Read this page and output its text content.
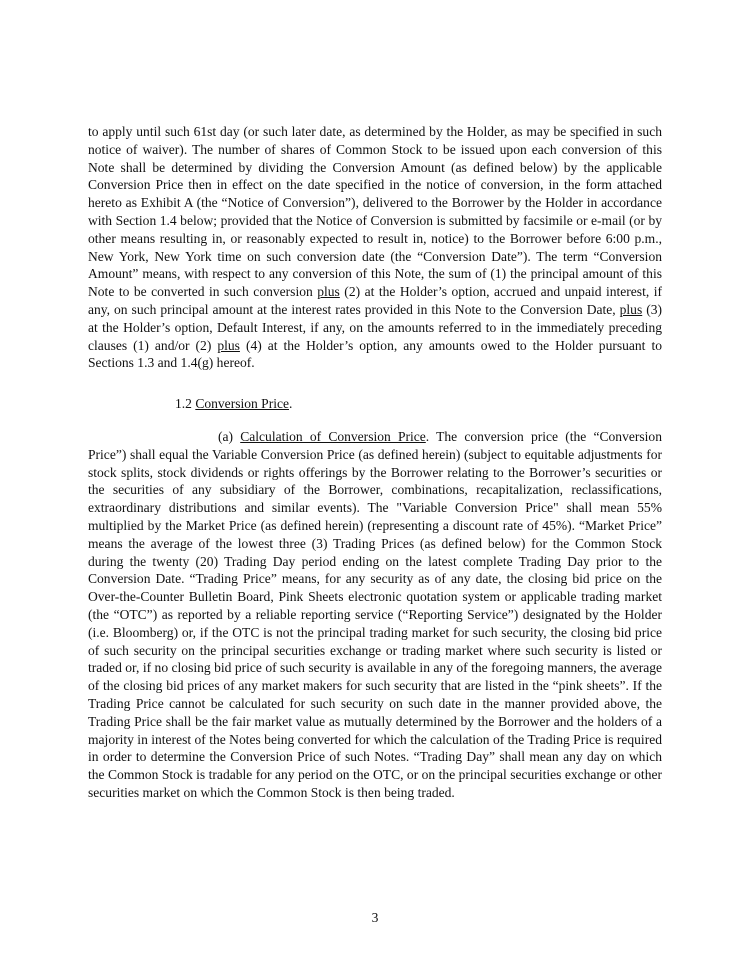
to apply until such 61st day (or such later date, as determined by the Holder, as may be specified in such notice of waiver). The number of shares of Common Stock to be issued upon each conversion of this Note shall be determined by dividing the Conversion Amount (as defined below) by the applicable Conversion Price then in effect on the date specified in the notice of conversion, in the form attached hereto as Exhibit A (the “Notice of Conversion”), delivered to the Borrower by the Holder in accordance with Section 1.4 below; provided that the Notice of Conversion is submitted by facsimile or e-mail (or by other means resulting in, or reasonably expected to result in, notice) to the Borrower before 6:00 p.m., New York, New York time on such conversion date (the “Conversion Date”). The term “Conversion Amount” means, with respect to any conversion of this Note, the sum of (1) the principal amount of this Note to be converted in such conversion plus (2) at the Holder’s option, accrued and unpaid interest, if any, on such principal amount at the interest rates provided in this Note to the Conversion Date, plus (3) at the Holder’s option, Default Interest, if any, on the amounts referred to in the immediately preceding clauses (1) and/or (2) plus (4) at the Holder’s option, any amounts owed to the Holder pursuant to Sections 1.3 and 1.4(g) hereof.

1.2 Conversion Price.

(a) Calculation of Conversion Price. The conversion price (the “Conversion Price”) shall equal the Variable Conversion Price (as defined herein) (subject to equitable adjustments for stock splits, stock dividends or rights offerings by the Borrower relating to the Borrower’s securities or the securities of any subsidiary of the Borrower, combinations, recapitalization, reclassifications, extraordinary distributions and similar events). The "Variable Conversion Price" shall mean 55% multiplied by the Market Price (as defined herein) (representing a discount rate of 45%). “Market Price” means the average of the lowest three (3) Trading Prices (as defined below) for the Common Stock during the twenty (20) Trading Day period ending on the latest complete Trading Day prior to the Conversion Date. “Trading Price” means, for any security as of any date, the closing bid price on the Over-the-Counter Bulletin Board, Pink Sheets electronic quotation system or applicable trading market (the “OTC”) as reported by a reliable reporting service (“Reporting Service”) designated by the Holder (i.e. Bloomberg) or, if the OTC is not the principal trading market for such security, the closing bid price of such security on the principal securities exchange or trading market where such security is listed or traded or, if no closing bid price of such security is available in any of the foregoing manners, the average of the closing bid prices of any market makers for such security that are listed in the “pink sheets”. If the Trading Price cannot be calculated for such security on such date in the manner provided above, the Trading Price shall be the fair market value as mutually determined by the Borrower and the holders of a majority in interest of the Notes being converted for which the calculation of the Trading Price is required in order to determine the Conversion Price of such Notes. “Trading Day” shall mean any day on which the Common Stock is tradable for any period on the OTC, or on the principal securities exchange or other securities market on which the Common Stock is then being traded.

3
